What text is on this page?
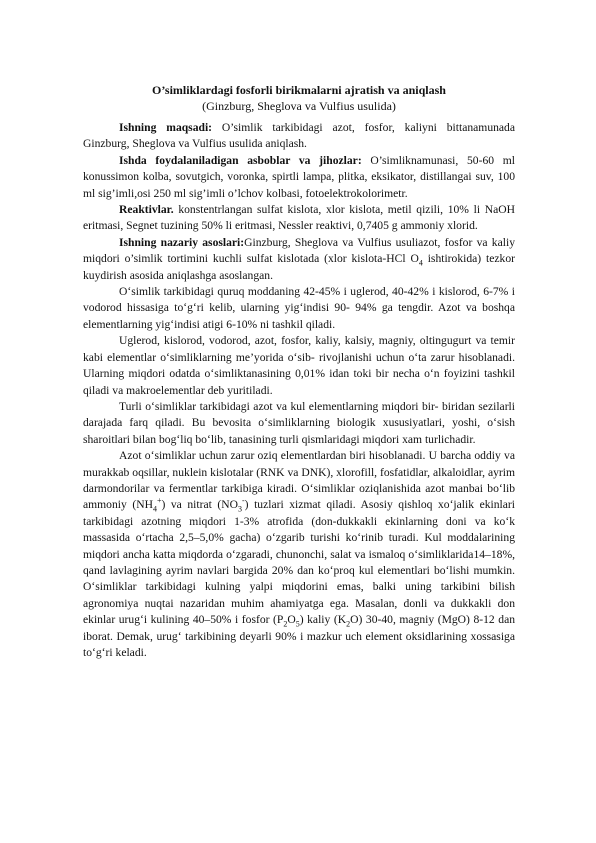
O’simliklardagi fosforli birikmalarni ajratish va aniqlash

(Ginzburg, Sheglova va Vulfius usulida)

Ishning maqsadi: O’simlik tarkibidagi azot, fosfor, kaliyni bittanamunada Ginzburg, Sheglova va Vulfius usulida aniqlash.

Ishda foydalaniladigan asboblar va jihozlar: O’simliknamunasi, 50-60 ml konussimon kolba, sovutgich, voronka, spirtli lampa, plitka, eksikator, distillangai suv, 100 ml sig’imli,osi 250 ml sig’imli o’lchov kolbasi, fotoelektrokolorimetr.

Reaktivlar. konstentrlangan sulfat kislota, xlor kislota, metil qizili, 10% li NaOH eritmasi, Segnet tuzining 50% li eritmasi, Nessler reaktivi, 0,7405 g ammoniy xlorid.

Ishning nazariy asoslari:Ginzburg, Sheglova va Vulfius usuliazot, fosfor va kaliy miqdori o’simlik tortimini kuchli sulfat kislotada (xlor kislota-HCl $O_4$ ishtirokida) tezkor kuydirish asosida aniqlashga asoslangan.

O‘simlik tarkibidagi quruq moddaning 42-45% i uglerod, 40-42% i kislorod, 6-7% i vodorod hissasiga to‘g‘ri kelib, ularning yig‘indisi 90- 94% ga tengdir. Azot va boshqa elementlarning yig‘indisi atigi 6-10% ni tashkil qiladi.

Uglerod, kislorod, vodorod, azot, fosfor, kaliy, kalsiy, magniy, oltingugurt va temir kabi elementlar o‘simliklarning me’yorida o‘sib- rivojlanishi uchun o‘ta zarur hisoblanadi. Ularning miqdori odatda o‘simliktanasining 0,01% idan toki bir necha o‘n foyizini tashkil qiladi va makroelementlar deb yuritiladi.

Turli o‘simliklar tarkibidagi azot va kul elementlarning miqdori bir- biridan sezilarli darajada farq qiladi. Bu bevosita o‘simliklarning biologik xususiyatlari, yoshi, o‘sish sharoitlari bilan bog‘liq bo‘lib, tanasining turli qismlaridagi miqdori xam turlichadir.

Azot o‘simliklar uchun zarur oziq elementlardan biri hisoblanadi. U barcha oddiy va murakkab oqsillar, nuklein kislotalar (RNK va DNK), xlorofill, fosfatidlar, alkaloidlar, ayrim darmondorilar va fermentlar tarkibiga kiradi. O‘simliklar oziqlanishida azot manbai bo‘lib ammoniy $(NH_4^+)$ va nitrat $(NO_3^-)$ tuzlari xizmat qiladi. Asosiy qishloq xo‘jalik ekinlari tarkibidagi azotning miqdori 1-3% atrofida (don-dukkakli ekinlarning doni va ko‘k massasida o‘rtacha 2,5–5,0% gacha) o‘zgarib turishi ko‘rinib turadi. Kul moddalarining miqdori ancha katta miqdorda o‘zgaradi, chunonchi, salat va ismaloq o‘simliklarida14–18%, qand lavlagining ayrim navlari bargida 20% dan ko‘proq kul elementlari bo‘lishi mumkin. O‘simliklar tarkibidagi kulning yalpi miqdorini emas, balki uning tarkibini bilish agronomiya nuqtai nazaridan muhim ahamiyatga ega. Masalan, donli va dukkakli don ekinlar urug‘i kulining 40–50% i fosfor $(P_2O_5)$ kaliy $(K_2O)$ 30-40, magniy (MgO) 8-12 dan iborat. Demak, urug‘ tarkibining deyarli 90% i mazkur uch element oksidlarining xossasiga to‘g‘ri keladi.
